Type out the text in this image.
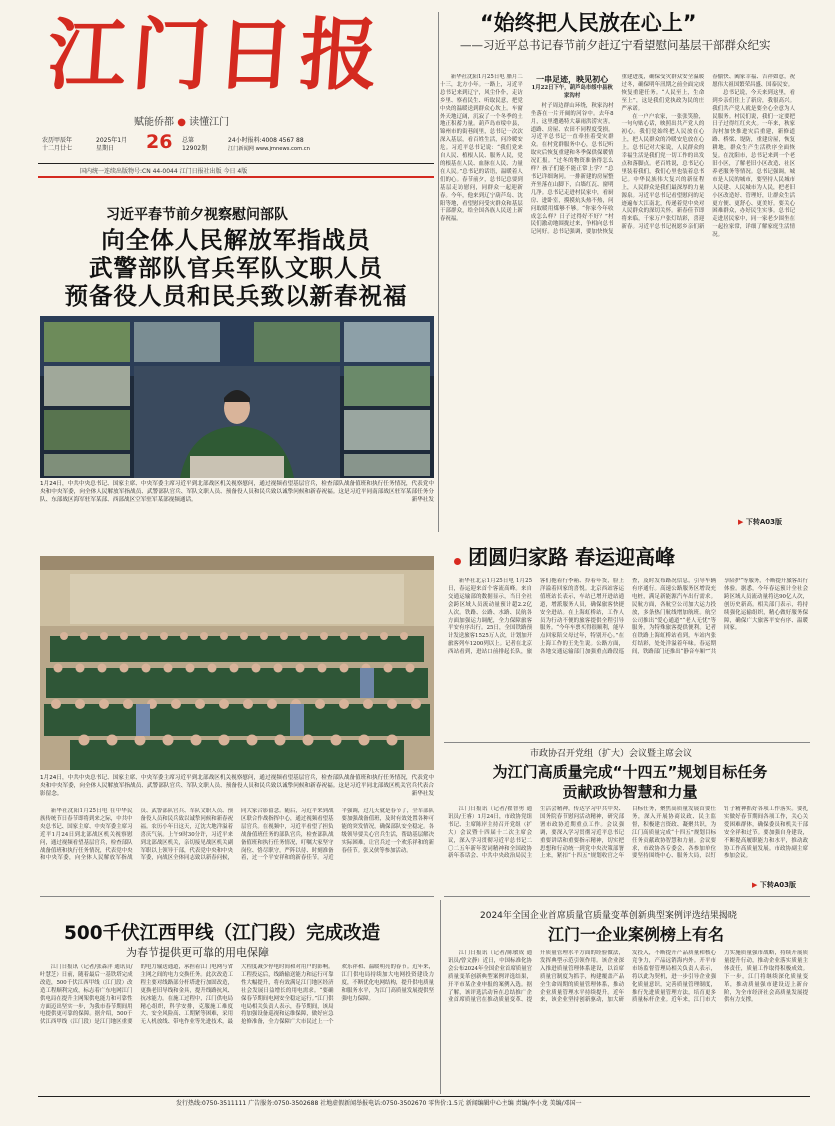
江门日报
赋能侨都 ● 读懂江门
农历甲辰年
十二月廿七
2025年1月
星期日	26 总第
12902期
24小时报料:4008 4567 88
江门新闻网 www.jmnews.com.cn
国内统一连续出版物号:CN 44-0044 江门日报社出版 今日 4版
“始终把人民放在心上”
——习近平总书记春节前夕赶辽宁看望慰问基层干部群众纪实

新华社沈阳1月25日电 腊月二十三，北方小年。一路上，习近平总书记来到辽宁，风尘仆仆，走访乡里、察看民生、听取民意，把党中央的温暖送到群众心坎上。车窗外天地辽阔，沉寂了一个冬季的土地正积蓄力量。葫芦岛市绥中县，锦州市的街巷闾里，总书记一次次深入基层，看百姓生活，问冷暖安危。习近平总书记说：“我们党来自人民、植根人民、服务人民，党的根基在人民、血脉在人民、力量在人民。”总书记的话语，温暖着人们的心。春节前夕，总书记总要到基层走访慰问，同群众一起迎新春。今年，他来到辽宁葫芦岛、沈阳等地，看望慰问受灾群众和基层干部群众，给全国各族人民送上新春祝福。

一串足迹，映见初心
1月22日下午，葫芦岛市绥中县秋家沟村

村子周边群山环绕，秋家沟村坐落在一片开阔的河谷中。去年8月，这里遭遇特大暴雨洪涝灾害，道路、房屋、农田不同程度受损。习近平总书记一直牵挂着受灾群众。在村党群服务中心，总书记听取灾后恢复重建和冬季保供保暖情况汇报。“过冬的物资准备得怎么样？孩子们能不能正常上学？”总书记详细询问。一排新建的房屋整齐坐落在山脚下，白墙红瓦、窗明几净。总书记走进村民家中，看厨房、进卧室，摸摸炕头热不热，问问取暖用煤够不够。“你家今年收成怎么样？日子过得好不好？”村民们激动地围拢过来，争相向总书记问好。总书记强调，要加快恢复重建进度，确保受灾群众安全温暖过冬，确保明年汛期之前全面完成恢复重建任务。“人民至上，生命至上”，这是我们党执政为民的庄严承诺。

在一户户农家，一张张笑脸，一句句贴心话，映照出共产党人的初心。我们党始终把人民放在心上，把人民群众的冷暖安危放在心上。总书记对大家说，人民群众的幸福生活是我们党一切工作的出发点和落脚点。老百姓说，总书记心里装着我们，我们心里也装着总书记。中华民族伟大复兴的新征程上，人民群众是我们最深厚的力量源泉。习近平总书记看望慰问的足迹遍布大江南北，传递着党中央对人民群众的深切关怀。新春佳节即将来临，千家万户张灯结彩，喜迎新春。习近平总书记祝愿乡亲们新春愉快、阖家幸福、吉祥如意，祝愿伟大祖国繁荣昌盛、国泰民安。

总书记说，今天来到这里，看到乡亲们住上了新房，我很高兴。我们共产党人就是要全心全意为人民服务。村民们说，我们一定要把日子过得红红火火。一年来，秋家沟村加快推进灾后重建，新修道路、桥梁、堤防，重建房屋，恢复耕地，群众生产生活秩序全面恢复。在沈阳市，总书记来到一个老旧小区，了解老旧小区改造、社区养老服务等情况。总书记强调，城市是人民的城市，要坚持人民城市人民建、人民城市为人民，把老旧小区改造好、管理好，让群众生活更方便、更舒心、更美好。要关心困难群众，办好民生实事。总书记走进居民家中，同一家老少围坐在一起拉家常，详细了解家庭生活情况。

▶ 下转A03版
习近平春节前夕视察慰问部队
向全体人民解放军指战员
武警部队官兵军队文职人员
预备役人员和民兵致以新春祝福
1月24日，中共中央总书记、国家主席、中央军委主席习近平到北部战区机关视察慰问，通过视频看望基层官兵，检查部队战备值班和执行任务情况，代表党中央和中央军委，向全体人民解放军指战员、武警部队官兵、军队文职人员、预备役人员和民兵致以诚挚问候和新春祝福。这是习近平同南部战区驻军某部任务分队、东部战区海军驻军某部、西部战区空军驻军某部视频通话。	新华社发
1月24日，中共中央总书记、国家主席、中央军委主席习近平到北部战区机关视察慰问，通过视频看望基层官兵，检查部队战备值班和执行任务情况，代表党中央和中央军委，向全体人民解放军指战员、武警部队官兵、军队文职人员、预备役人员和民兵致以诚挚问候和新春祝福。这是习近平同北部战区机关官兵代表合影留念。	新华社发

新华社沈阳1月25日电 在中华民族传统节日春节即将到来之际，中共中央总书记、国家主席、中央军委主席习近平1月24日到北部战区机关视察慰问，通过视频看望基层官兵，检查部队战备值班和执行任务情况，代表党中央和中央军委，向全体人民解放军指战员、武警部队官兵、军队文职人员、预备役人员和民兵致以诚挚问候和新春祝福。农历小年日这天，辽沈大地洋溢着喜庆气氛。上午9时30分许，习近平来到北部战区机关，亲切接见战区机关副军职以上领导干部，代表党中央和中央军委，向战区全体同志致以新春问候，同大家合影留念。随后，习近平来到战区联合作战指挥中心，通过视频看望基层官兵。在视频中，习近平看望了担负战备值班任务的部队官兵，检查部队战备值班和执行任务情况，叮嘱大家坚守岗位、恪尽职守，严阵以待、时刻准备着，过一个平安祥和的新春佳节。习近平强调，过几天就是春节了，全军部队要加强战备值班，及时有效处置各种可能的突发情况，确保部队安全稳定。各级领导要关心官兵生活，帮助基层解决实际困难，让官兵过一个欢乐祥和的新春佳节。张又侠等参加活动。

团圆归家路 春运迎高峰

新华社北京1月25日电 1月25日，春运迎来首个客流高峰。来自交通运输部的数据显示，当日全社会跨区域人员流动量预计超2.2亿人次。铁路、公路、水路、民航各方面加强运力调配，全力保障旅客平安有序出行。25日，全国铁路预计发送旅客1525万人次，计划加开旅客列车1200列以上。记者在北京西站看到，进站口前排起长队，旅客们拖着行李箱、拎着年货，脸上洋溢着回家的喜悦。北京西站客运值班站长表示，车站已增开进站通道，增派服务人员，确保旅客快捷安全进站。在上海虹桥站，工作人员为行动不便的旅客提供全程引导服务。“今年车票买得很顺利，能早点回家陪父母过年，特别开心。”在上海工作的王先生说。公路方面，各地交通运输部门加强重点路段巡查，及时发布路况信息，引导车辆有序通行。高速公路服务区增设充电桩，满足新能源汽车出行需求。民航方面，各航空公司加大运力投放，多条热门航线增加航班。航空公司推出“爱心通道”“老人无忧”等服务，为特殊旅客提供便利。记者在铁路上海虹桥站看到，车站内张灯结彩，处处洋溢着年味。春运期间，铁路部门还推出“静音车厢”“共享陪护”等服务，不断提升旅客出行体验。据悉，今年春运预计全社会跨区域人员流动量将达90亿人次，创历史新高。相关部门表示，将持续强化运输组织，精心做好服务保障，确保广大旅客平安有序、温暖回家。

市政协召开党组（扩大）会议暨主席会议
为江门高质量完成“十四五”规划目标任务
贡献政协智慧和力量

江门日报讯（记者/翟智勇 通讯员/王睿）1月24日，市政协党组书记、主席陈岸主持召开党组（扩大）会议暨十四届十二次主席会议，深入学习贯彻习近平总书记二〇二五年新年贺词精神和全国政协新年茶话会、中共中央政治局民主生活会精神，传达学习中共中央、国务院春节慰问活动精神，研究部署市政协近期重点工作。会议强调，要深入学习贯彻习近平总书记重要讲话和重要指示精神，切实把思想和行动统一到党中央决策部署上来，紧扣“十四五”规划收官之年目标任务，聚焦高质量发展首要任务，深入开展协商议政、民主监督，积极建言资政、凝聚共识，为江门高质量完成“十四五”规划目标任务贡献政协智慧和力量。会议要求，市政协各专委会、各参加单位要坚持围绕中心、服务大局，以钉钉子精神抓好各项工作落实。要扎实做好春节期间各项工作，关心关爱困难群体，确保委员和机关干部安全祥和过节。要加强自身建设，不断提高履职能力和水平，推动政协工作高质量发展。市政协副主席参加会议。

▶ 下转A03版
500千伏江西甲线（江门段）完成改造
为春节提供更可靠的用电保障

江门日报讯（记者/张森洋 通讯员/叶慧芝）日前，随着最后一基铁塔完成改造，500千伏江西甲线（江门段）改造工程顺利完成，标志着广东电网江门供电局在提升主网架供电能力和可靠性方面迈出坚实一步，为我市春节期间用电提供更可靠的保障。据介绍，500千伏江西甲线（江门段）是江门地区重要的电力输送通道，承担着江门电网与省主网之间的电力交换任务。此次改造工程主要对线路部分杆塔进行加固改造，更换老旧导线和金具，提升线路抗风、抗冰能力。在施工过程中，江门供电局精心组织，科学安排，克服施工难度大、安全风险高、工期紧等困难，采用无人机放线、带电作业等先进技术，最大程度减少停电时间和对用户的影响。工程投运后，线路输送能力和运行可靠性大幅提升，将有效满足江门地区经济社会发展日益增长的用电需求。“要确保春节期间电网安全稳定运行。”江门供电局相关负责人表示，春节期间，该局将加强设备巡视和运维保障，做好应急抢修准备，全力保障广大市民过上一个欢乐祥和、温暖明亮的春节。近年来，江门供电局持续加大电网投资建设力度，不断优化电网结构，提升供电质量和服务水平，为江门高质量发展提供坚强电力保障。

2024年全国企业首席质量官质量变革创新典型案例评选结果揭晓
江门一企业案例榜上有名

江门日报讯（记者/陈敏成 通讯员/曾文静）近日，中国标准化协会公布2024年全国企业首席质量官质量变革创新典型案例评选结果，开平市某企业申报的案例入选。据了解，该评选活动旨在总结推广企业首席质量官在推动质量变革、提升质量管理水平方面的经验做法，发挥典型示范引领作用。该企业深入推进质量管理体系建设，以首席质量官制度为抓手，构建覆盖产品全生命周期的质量管理体系，推动企业质量管理水平持续提升。近年来，该企业坚持创新驱动，加大研发投入，不断提升产品质量和核心竞争力，产品远销海内外。开平市市场监督管理局相关负责人表示，将以此为契机，进一步引导企业强化质量意识，完善质量管理制度，推行先进质量管理方法，培育更多质量标杆企业。近年来，江门市大力实施质量强市战略，持续开展质量提升行动，推动企业落实质量主体责任，质量工作取得积极成效。下一步，江门将继续深化质量变革，推动质量强市建设迈上新台阶，为全市经济社会高质量发展提供有力支撑。

发行热线:0750-3511111 广告服务:0750-3502688 社地虚假新闻举报电话:0750-3502670 零售价:1.5元 新闻编辑中心主编 责编/李小龙 美编/邓国一
